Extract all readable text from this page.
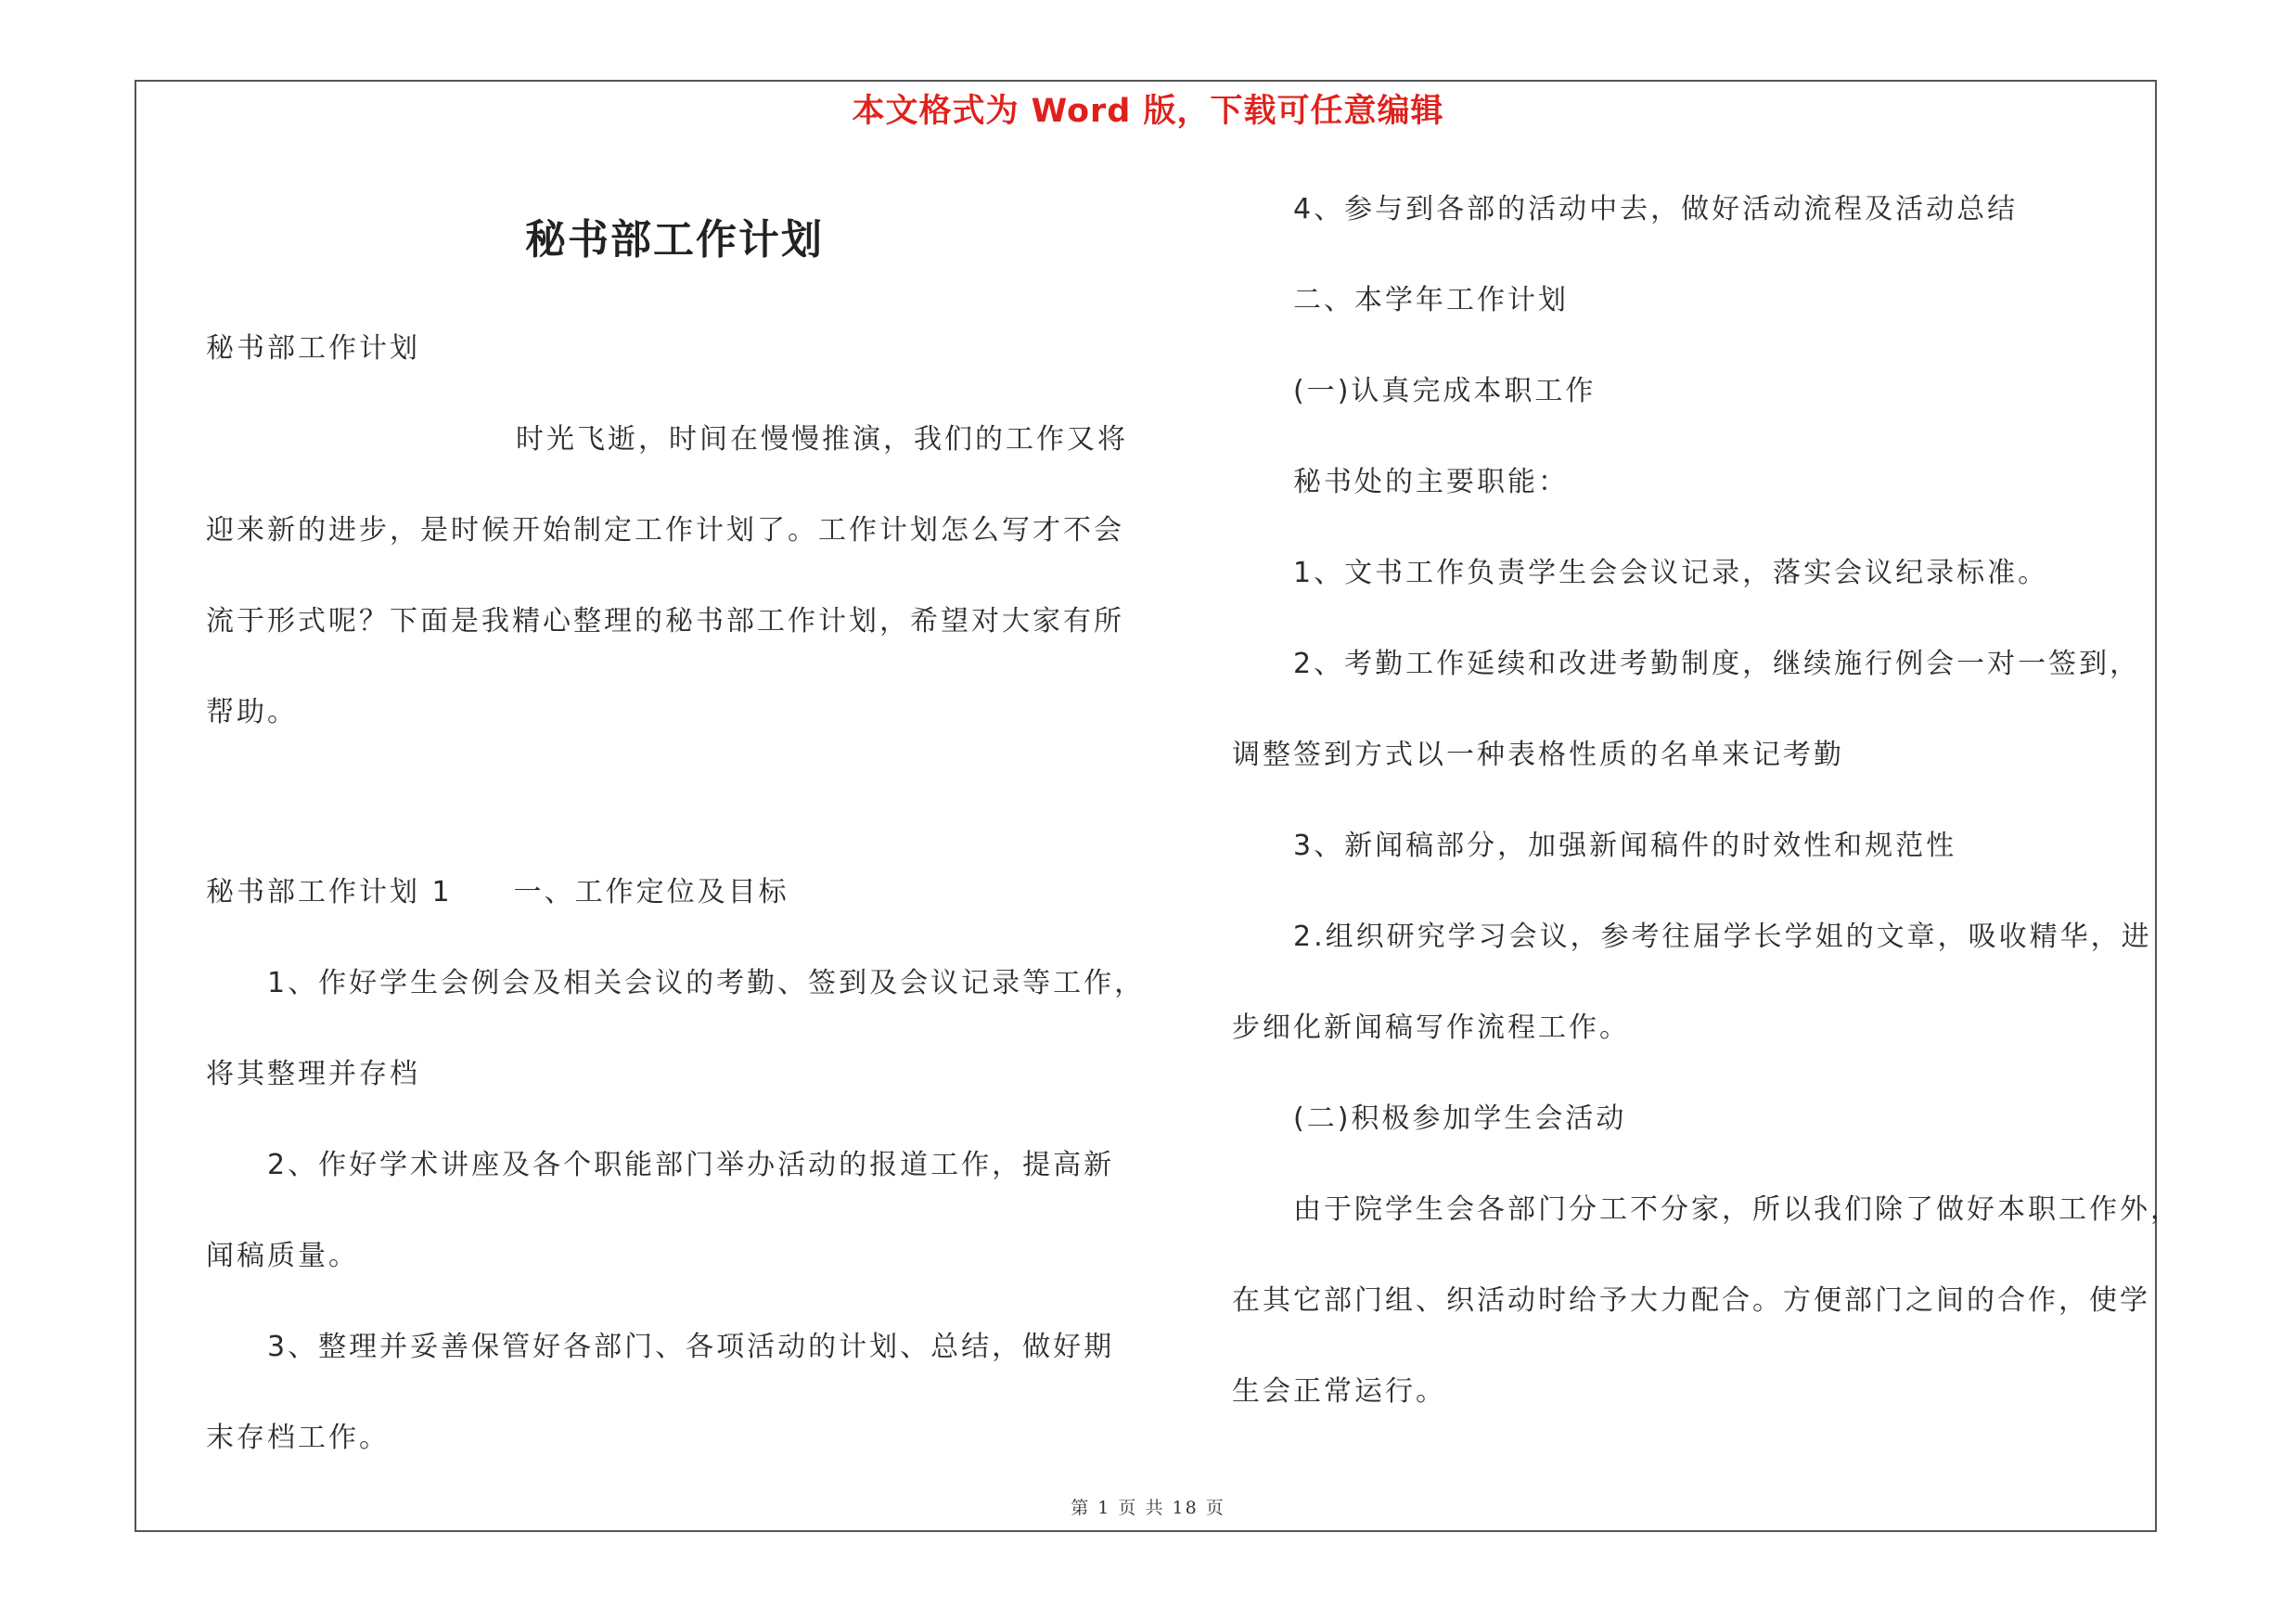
本文格式为 Word 版，下载可任意编辑
秘书部工作计划
秘书部工作计划
时光飞逝，时间在慢慢推演，我们的工作又将
迎来新的进步，是时候开始制定工作计划了。工作计划怎么写才不会
流于形式呢？下面是我精心整理的秘书部工作计划，希望对大家有所
帮助。
秘书部工作计划 1　　一、工作定位及目标
1、作好学生会例会及相关会议的考勤、签到及会议记录等工作，
将其整理并存档
2、作好学术讲座及各个职能部门举办活动的报道工作，提高新
闻稿质量。
3、整理并妥善保管好各部门、各项活动的计划、总结，做好期
末存档工作。
4、参与到各部的活动中去，做好活动流程及活动总结
二、本学年工作计划
(一)认真完成本职工作
秘书处的主要职能：
1、文书工作负责学生会会议记录，落实会议纪录标准。
2、考勤工作延续和改进考勤制度，继续施行例会一对一签到，
调整签到方式以一种表格性质的名单来记考勤
3、新闻稿部分，加强新闻稿件的时效性和规范性
2.组织研究学习会议，参考往届学长学姐的文章，吸收精华，进
步细化新闻稿写作流程工作。
(二)积极参加学生会活动
由于院学生会各部门分工不分家，所以我们除了做好本职工作外，
在其它部门组、织活动时给予大力配合。方便部门之间的合作，使学
生会正常运行。
第 1 页 共 18 页
